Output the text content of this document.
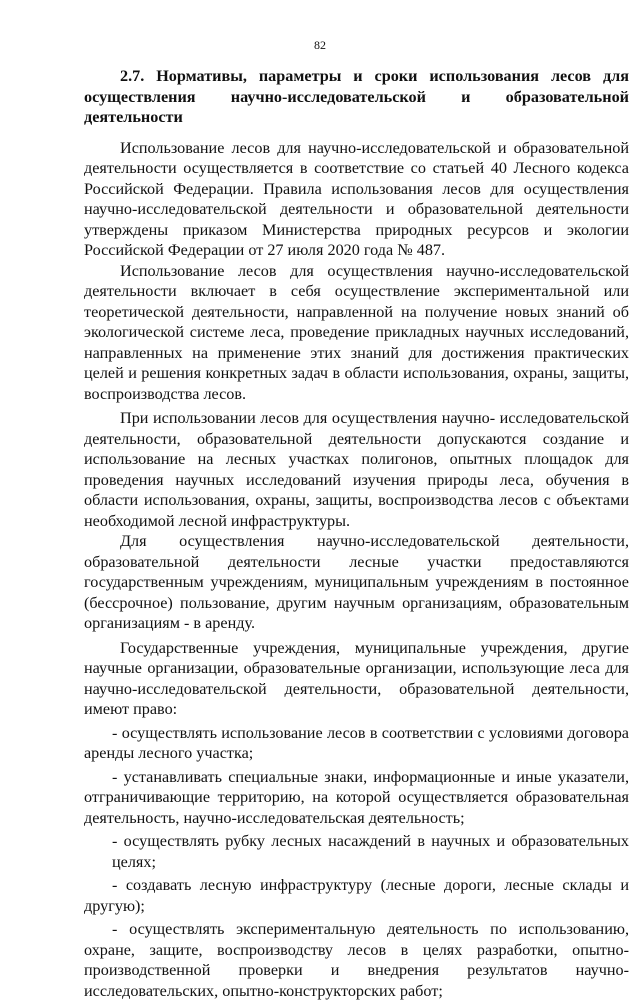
82
2.7. Нормативы, параметры и сроки использования лесов для осуществления научно-исследовательской и образовательной деятельности

Использование лесов для научно-исследовательской и образовательной деятельности осуществляется в соответствие со статьей 40 Лесного кодекса Российской Федерации. Правила использования лесов для осуществления научно-исследовательской деятельности и образовательной деятельности утверждены приказом Министерства природных ресурсов и экологии Российской Федерации от 27 июля 2020 года № 487.

Использование лесов для осуществления научно-исследовательской деятельности включает в себя осуществление экспериментальной или теоретической деятельности, направленной на получение новых знаний об экологической системе леса, проведение прикладных научных исследований, направленных на применение этих знаний для достижения практических целей и решения конкретных задач в области использования, охраны, защиты, воспроизводства лесов.

При использовании лесов для осуществления научно- исследовательской деятельности, образовательной деятельности допускаются создание и использование на лесных участках полигонов, опытных площадок для проведения научных исследований изучения природы леса, обучения в области использования, охраны, защиты, воспроизводства лесов с объектами необходимой лесной инфраструктуры.

Для осуществления научно-исследовательской деятельности, образовательной деятельности лесные участки предоставляются государственным учреждениям, муниципальным учреждениям в постоянное (бессрочное) пользование, другим научным организациям, образовательным организациям - в аренду.

Государственные учреждения, муниципальные учреждения, другие научные организации, образовательные организации, использующие леса для научно-исследовательской деятельности, образовательной деятельности, имеют право:

- осуществлять использование лесов в соответствии с условиями договора аренды лесного участка;

- устанавливать специальные знаки, информационные и иные указатели, отграничивающие территорию, на которой осуществляется образовательная деятельность, научно-исследовательская деятельность;

- осуществлять рубку лесных насаждений в научных и образовательных целях;

- создавать лесную инфраструктуру (лесные дороги, лесные склады и другую);

- осуществлять экспериментальную деятельность по использованию, охране, защите, воспроизводству лесов в целях разработки, опытно-производственной проверки и внедрения результатов научно-исследовательских, опытно-конструкторских работ;
